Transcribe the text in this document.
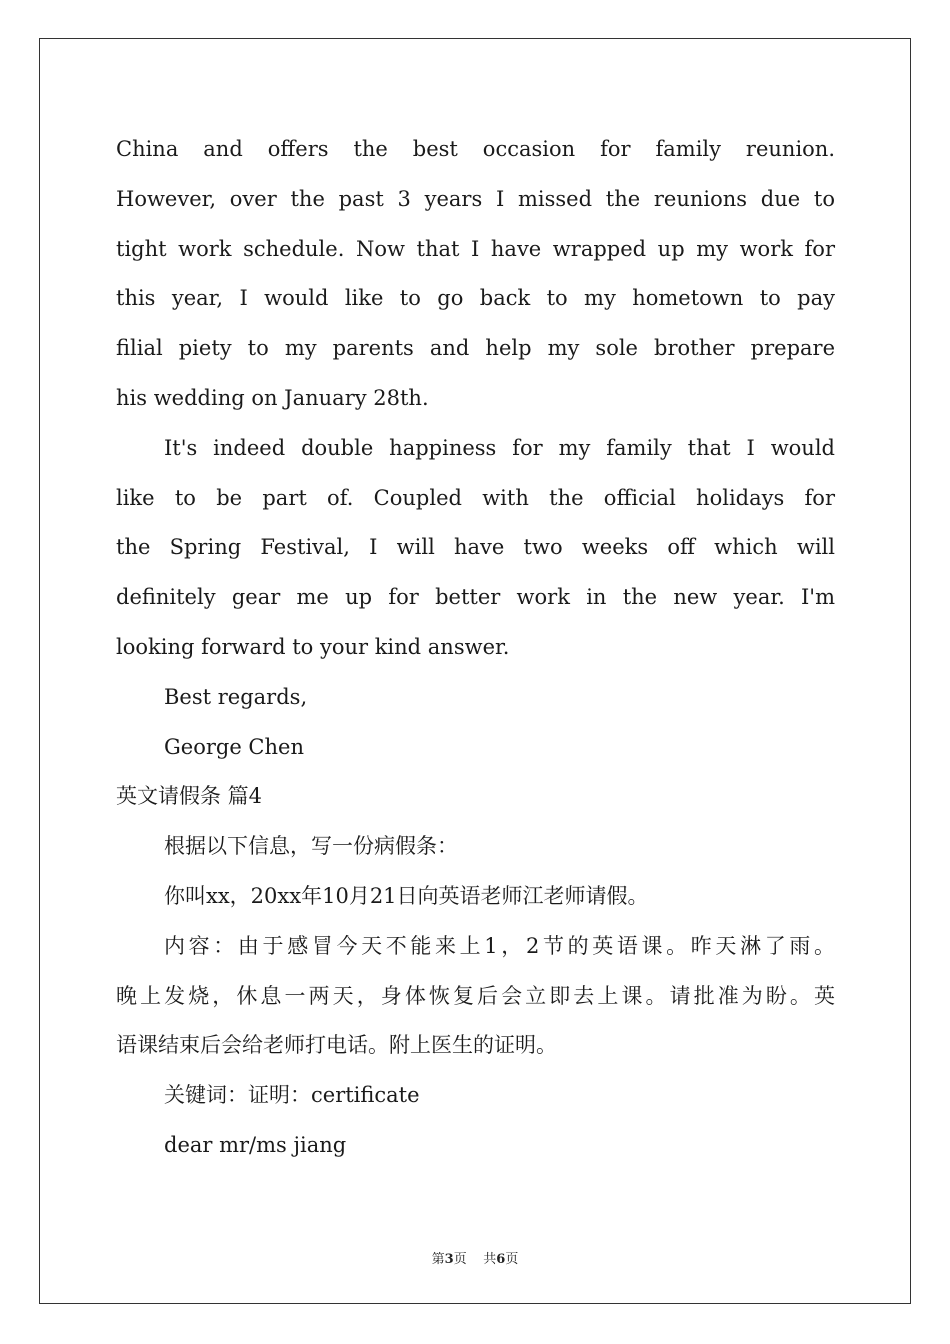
China and offers the best occasion for family reunion.
However, over the past 3 years I missed the reunions due to
tight work schedule. Now that I have wrapped up my work for
this year, I would like to go back to my hometown to pay
filial piety to my parents and help my sole brother prepare
his wedding on January 28th.
It's indeed double happiness for my family that I would
like to be part of. Coupled with the official holidays for
the Spring Festival, I will have two weeks off which will
definitely gear me up for better work in the new year. I'm
looking forward to your kind answer.
Best regards,
George Chen
英文请假条 篇4
根据以下信息，写一份病假条：
你叫xx，20xx年10月21日向英语老师江老师请假。
内容：由于感冒今天不能来上1，2节的英语课。昨天淋了雨。
晚上发烧，休息一两天，身体恢复后会立即去上课。请批准为盼。英
语课结束后会给老师打电话。附上医生的证明。
关键词：证明：certificate
dear mr/ms jiang
第3页 共6页
